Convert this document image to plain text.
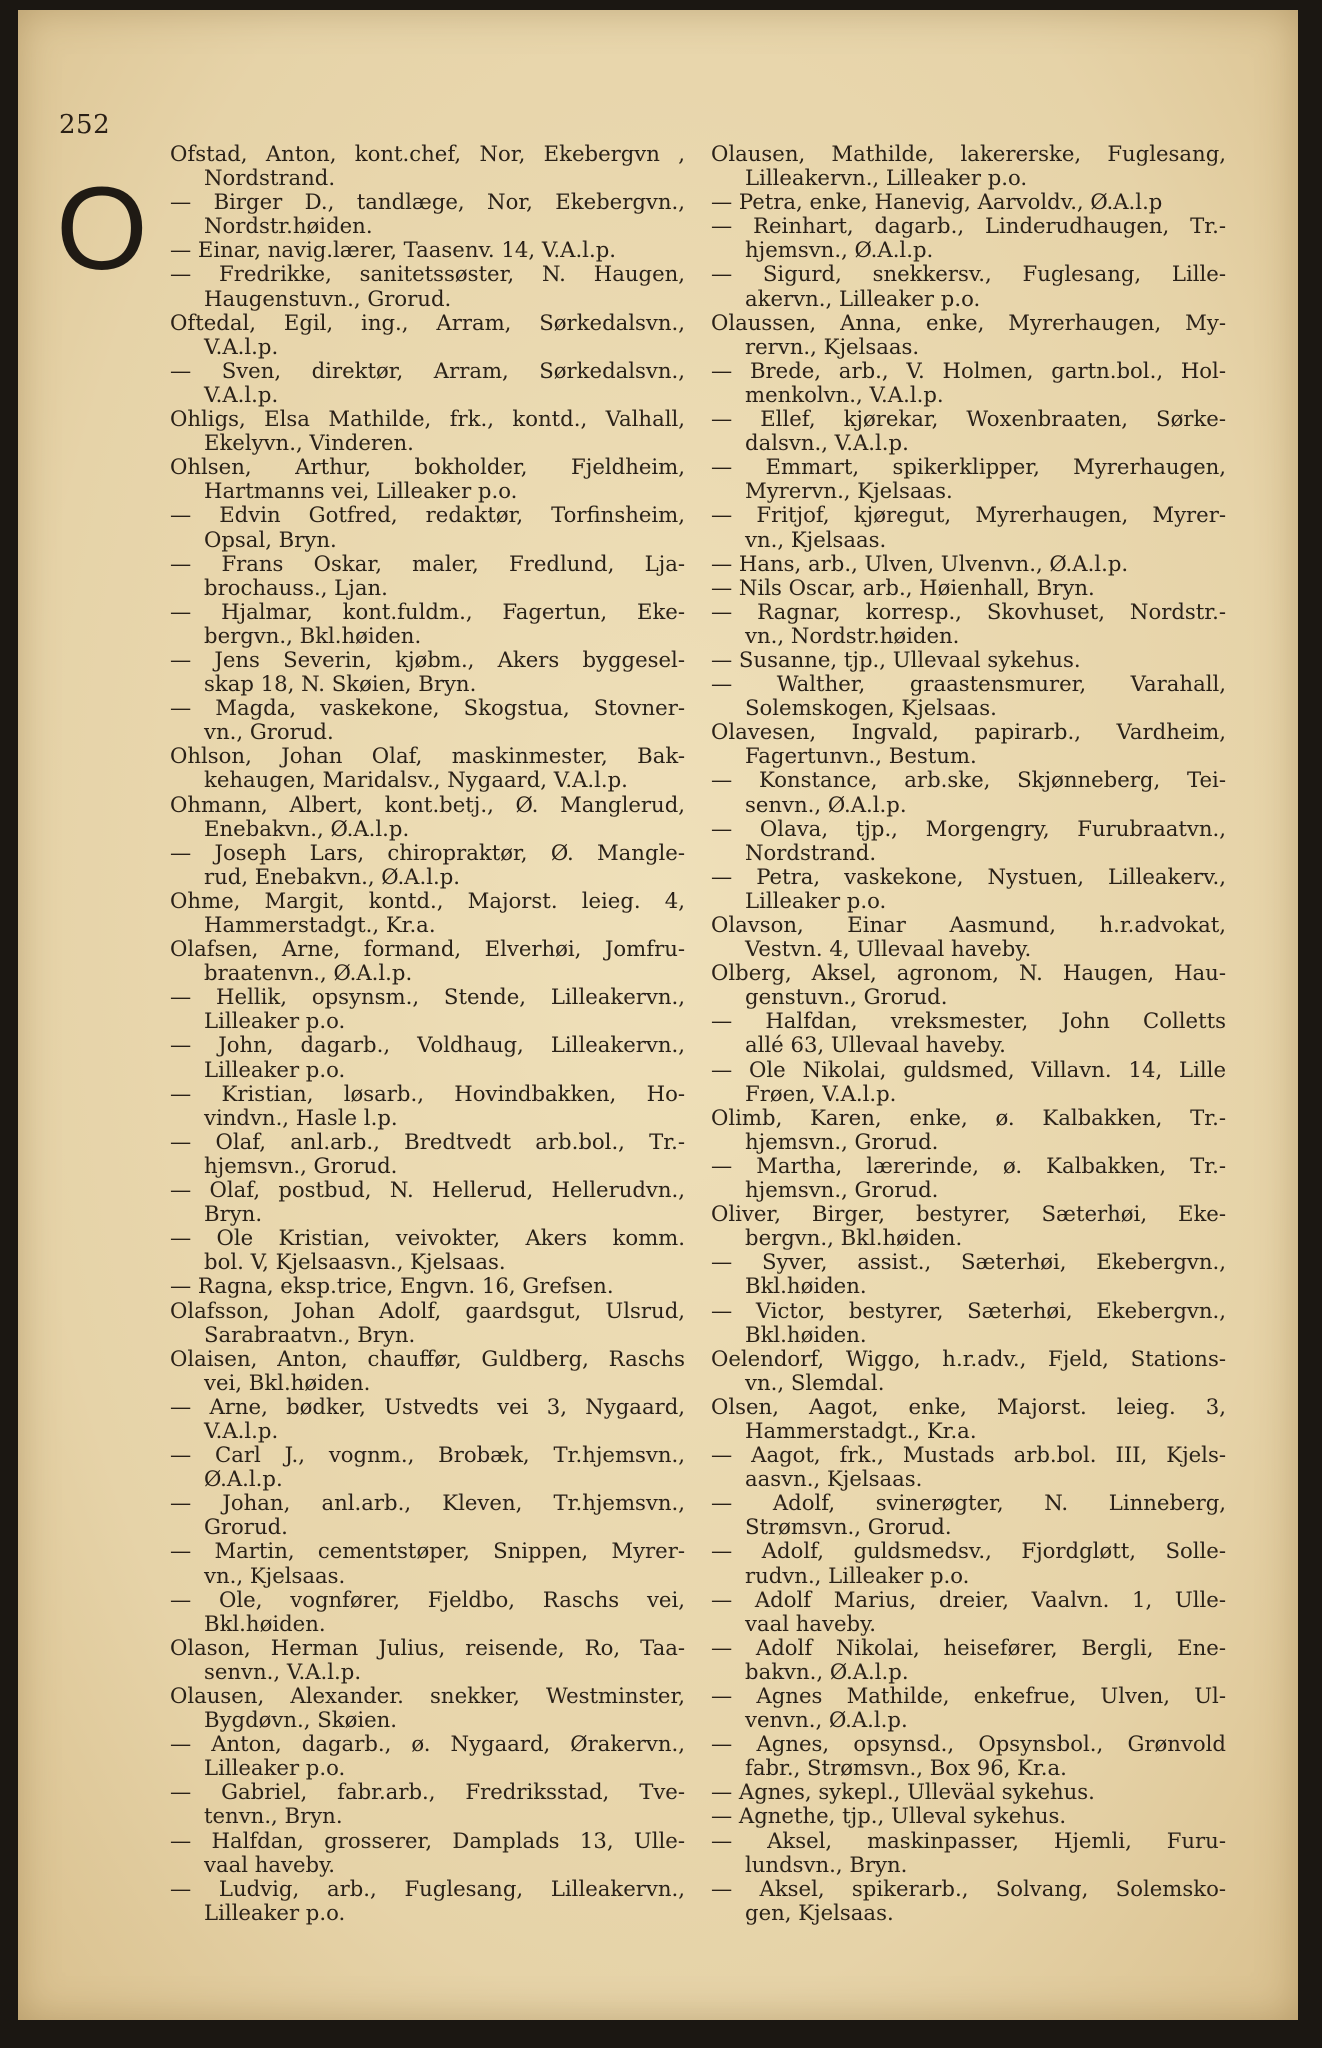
252
O
Ofstad, Anton, kont.chef, Nor, Ekebergvn ,
Nordstrand.
— Birger D., tandlæge, Nor, Ekebergvn.,
Nordstr.høiden.
— Einar, navig.lærer, Taasenv. 14, V.A.l.p.
— Fredrikke, sanitetssøster, N. Haugen,
Haugenstuvn., Grorud.
Oftedal, Egil, ing., Arram, Sørkedalsvn.,
V.A.l.p.
— Sven, direktør, Arram, Sørkedalsvn.,
V.A.l.p.
Ohligs, Elsa Mathilde, frk., kontd., Valhall,
Ekelyvn., Vinderen.
Ohlsen, Arthur, bokholder, Fjeldheim,
Hartmanns vei, Lilleaker p.o.
— Edvin Gotfred, redaktør, Torfinsheim,
Opsal, Bryn.
— Frans Oskar, maler, Fredlund, Lja-
brochauss., Ljan.
— Hjalmar, kont.fuldm., Fagertun, Eke-
bergvn., Bkl.høiden.
— Jens Severin, kjøbm., Akers byggesel-
skap 18, N. Skøien, Bryn.
— Magda, vaskekone, Skogstua, Stovner-
vn., Grorud.
Ohlson, Johan Olaf, maskinmester, Bak-
kehaugen, Maridalsv., Nygaard, V.A.l.p.
Ohmann, Albert, kont.betj., Ø. Manglerud,
Enebakvn., Ø.A.l.p.
— Joseph Lars, chiropraktør, Ø. Mangle-
rud, Enebakvn., Ø.A.l.p.
Ohme, Margit, kontd., Majorst. leieg. 4,
Hammerstadgt., Kr.a.
Olafsen, Arne, formand, Elverhøi, Jomfru-
braatenvn., Ø.A.l.p.
— Hellik, opsynsm., Stende, Lilleakervn.,
Lilleaker p.o.
— John, dagarb., Voldhaug, Lilleakervn.,
Lilleaker p.o.
— Kristian, løsarb., Hovindbakken, Ho-
vindvn., Hasle l.p.
— Olaf, anl.arb., Bredtvedt arb.bol., Tr.-
hjemsvn., Grorud.
— Olaf, postbud, N. Hellerud, Hellerudvn.,
Bryn.
— Ole Kristian, veivokter, Akers komm.
bol. V, Kjelsaasvn., Kjelsaas.
— Ragna, eksp.trice, Engvn. 16, Grefsen.
Olafsson, Johan Adolf, gaardsgut, Ulsrud,
Sarabraatvn., Bryn.
Olaisen, Anton, chauffør, Guldberg, Raschs
vei, Bkl.høiden.
— Arne, bødker, Ustvedts vei 3, Nygaard,
V.A.l.p.
— Carl J., vognm., Brobæk, Tr.hjemsvn.,
Ø.A.l.p.
— Johan, anl.arb., Kleven, Tr.hjemsvn.,
Grorud.
— Martin, cementstøper, Snippen, Myrer-
vn., Kjelsaas.
— Ole, vognfører, Fjeldbo, Raschs vei,
Bkl.høiden.
Olason, Herman Julius, reisende, Ro, Taa-
senvn., V.A.l.p.
Olausen, Alexander. snekker, Westminster,
Bygdøvn., Skøien.
— Anton, dagarb., ø. Nygaard, Ørakervn.,
Lilleaker p.o.
— Gabriel, fabr.arb., Fredriksstad, Tve-
tenvn., Bryn.
— Halfdan, grosserer, Damplads 13, Ulle-
vaal haveby.
— Ludvig, arb., Fuglesang, Lilleakervn.,
Lilleaker p.o.
Olausen, Mathilde, lakererske, Fuglesang,
Lilleakervn., Lilleaker p.o.
— Petra, enke, Hanevig, Aarvoldv., Ø.A.l.p
— Reinhart, dagarb., Linderudhaugen, Tr.-
hjemsvn., Ø.A.l.p.
— Sigurd, snekkersv., Fuglesang, Lille-
akervn., Lilleaker p.o.
Olaussen, Anna, enke, Myrerhaugen, My-
rervn., Kjelsaas.
— Brede, arb., V. Holmen, gartn.bol., Hol-
menkolvn., V.A.l.p.
— Ellef, kjørekar, Woxenbraaten, Sørke-
dalsvn., V.A.l.p.
— Emmart, spikerklipper, Myrerhaugen,
Myrervn., Kjelsaas.
— Fritjof, kjøregut, Myrerhaugen, Myrer-
vn., Kjelsaas.
— Hans, arb., Ulven, Ulvenvn., Ø.A.l.p.
— Nils Oscar, arb., Høienhall, Bryn.
— Ragnar, korresp., Skovhuset, Nordstr.-
vn., Nordstr.høiden.
— Susanne, tjp., Ullevaal sykehus.
— Walther, graastensmurer, Varahall,
Solemskogen, Kjelsaas.
Olavesen, Ingvald, papirarb., Vardheim,
Fagertunvn., Bestum.
— Konstance, arb.ske, Skjønneberg, Tei-
senvn., Ø.A.l.p.
— Olava, tjp., Morgengry, Furubraatvn.,
Nordstrand.
— Petra, vaskekone, Nystuen, Lilleakerv.,
Lilleaker p.o.
Olavson, Einar Aasmund, h.r.advokat,
Vestvn. 4, Ullevaal haveby.
Olberg, Aksel, agronom, N. Haugen, Hau-
genstuvn., Grorud.
— Halfdan, vreksmester, John Colletts
allé 63, Ullevaal haveby.
— Ole Nikolai, guldsmed, Villavn. 14, Lille
Frøen, V.A.l.p.
Olimb, Karen, enke, ø. Kalbakken, Tr.-
hjemsvn., Grorud.
— Martha, lærerinde, ø. Kalbakken, Tr.-
hjemsvn., Grorud.
Oliver, Birger, bestyrer, Sæterhøi, Eke-
bergvn., Bkl.høiden.
— Syver, assist., Sæterhøi, Ekebergvn.,
Bkl.høiden.
— Victor, bestyrer, Sæterhøi, Ekebergvn.,
Bkl.høiden.
Oelendorf, Wiggo, h.r.adv., Fjeld, Stations-
vn., Slemdal.
Olsen, Aagot, enke, Majorst. leieg. 3,
Hammerstadgt., Kr.a.
— Aagot, frk., Mustads arb.bol. III, Kjels-
aasvn., Kjelsaas.
— Adolf, svinerøgter, N. Linneberg,
Strømsvn., Grorud.
— Adolf, guldsmedsv., Fjordgløtt, Solle-
rudvn., Lilleaker p.o.
— Adolf Marius, dreier, Vaalvn. 1, Ulle-
vaal haveby.
— Adolf Nikolai, heisefører, Bergli, Ene-
bakvn., Ø.A.l.p.
— Agnes Mathilde, enkefrue, Ulven, Ul-
venvn., Ø.A.l.p.
— Agnes, opsynsd., Opsynsbol., Grønvold
fabr., Strømsvn., Box 96, Kr.a.
— Agnes, sykepl., Ulleväal sykehus.
— Agnethe, tjp., Ulleval sykehus.
— Aksel, maskinpasser, Hjemli, Furu-
lundsvn., Bryn.
— Aksel, spikerarb., Solvang, Solemsko-
gen, Kjelsaas.
